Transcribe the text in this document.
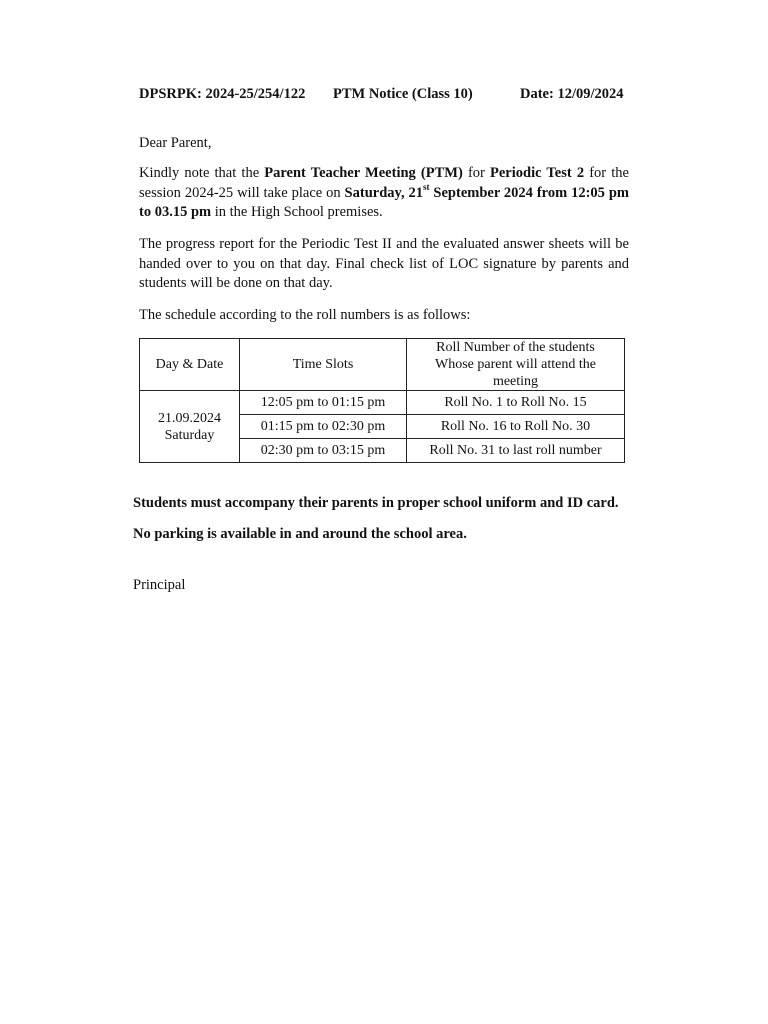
DPSRPK: 2024-25/254/122 PTM Notice (Class 10)	Date: 12/09/2024
Dear Parent,

Kindly note that the Parent Teacher Meeting (PTM) for Periodic Test 2 for the session 2024-25 will take place on Saturday, 21st September 2024 from 12:05 pm to 03.15 pm in the High School premises.

The progress report for the Periodic Test II and the evaluated answer sheets will be handed over to you on that day. Final check list of LOC signature by parents and students will be done on that day.

The schedule according to the roll numbers is as follows:

Day & Date	Time Slots	Roll Number of the students
Whose parent will attend the
meeting
21.09.2024
Saturday	12:05 pm to 01:15 pm	Roll No. 1 to Roll No. 15
	01:15 pm to 02:30 pm	Roll No. 16 to Roll No. 30
	02:30 pm to 03:15 pm	Roll No. 31 to last roll number
Students must accompany their parents in proper school uniform and ID card.
No parking is available in and around the school area.
Principal
